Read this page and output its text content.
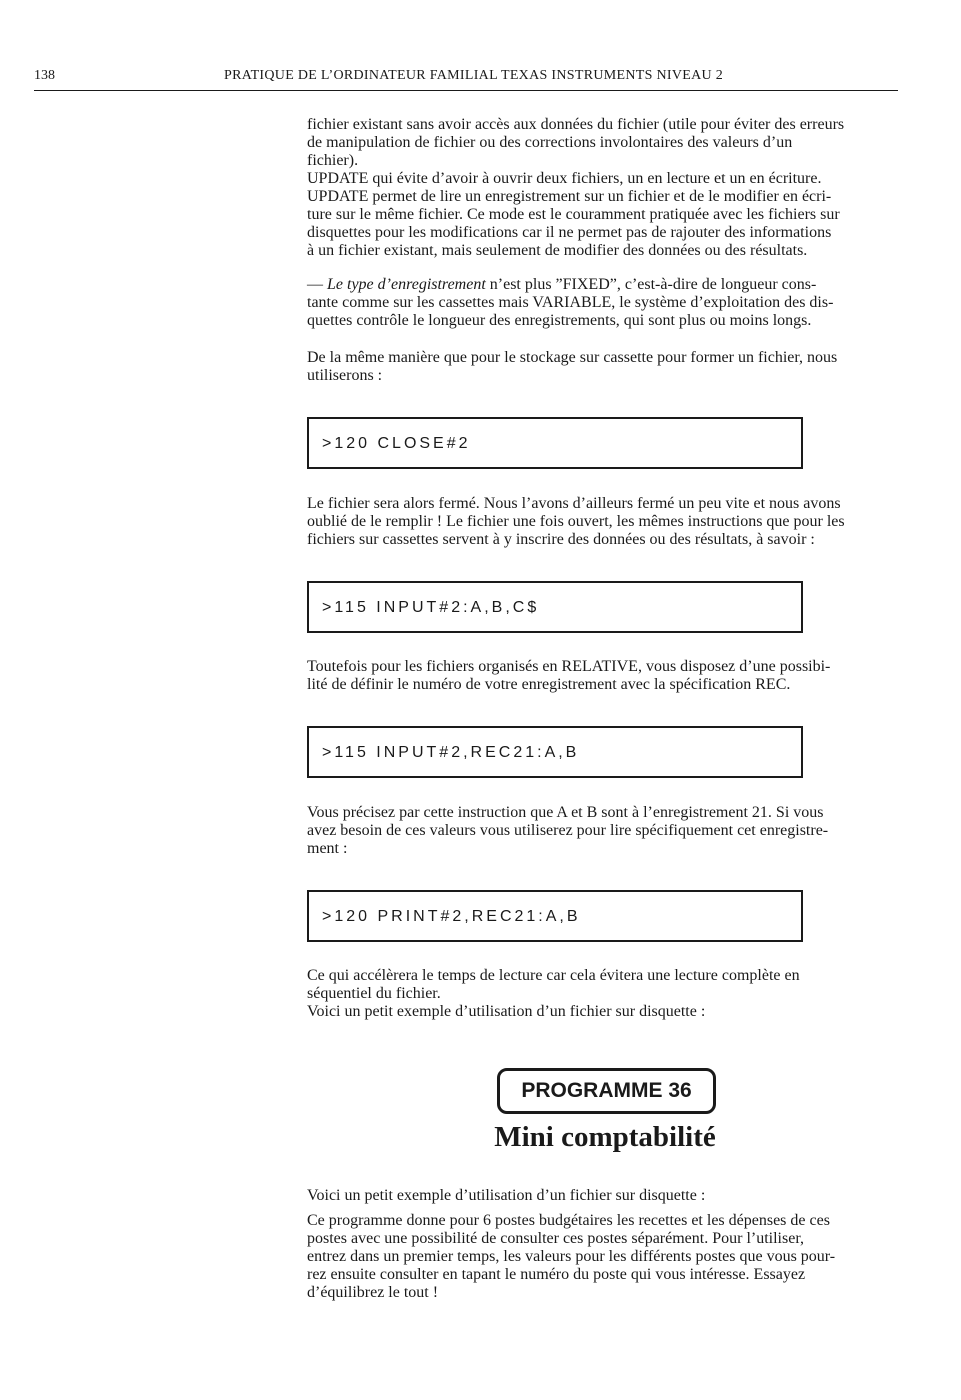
138	PRATIQUE DE L’ORDINATEUR FAMILIAL TEXAS INSTRUMENTS NIVEAU 2

fichier existant sans avoir accès aux données du fichier (utile pour éviter des erreurs
de manipulation de fichier ou des corrections involontaires des valeurs d’un
fichier).
UPDATE qui évite d’avoir à ouvrir deux fichiers, un en lecture et un en écriture.
UPDATE permet de lire un enregistrement sur un fichier et de le modifier en écri-
ture sur le même fichier. Ce mode est le couramment pratiquée avec les fichiers sur
disquettes pour les modifications car il ne permet pas de rajouter des informations
à un fichier existant, mais seulement de modifier des données ou des résultats.

— Le type d’enregistrement n’est plus ”FIXED”, c’est-à-dire de longueur cons-
tante comme sur les cassettes mais VARIABLE, le système d’exploitation des dis-
quettes contrôle le longueur des enregistrements, qui sont plus ou moins longs.

De la même manière que pour le stockage sur cassette pour former un fichier, nous
utiliserons :

>120 CLOSE#2

Le fichier sera alors fermé. Nous l’avons d’ailleurs fermé un peu vite et nous avons
oublié de le remplir ! Le fichier une fois ouvert, les mêmes instructions que pour les
fichiers sur cassettes servent à y inscrire des données ou des résultats, à savoir :

>115 INPUT#2:A,B,C$

Toutefois pour les fichiers organisés en RELATIVE, vous disposez d’une possibi-
lité de définir le numéro de votre enregistrement avec la spécification REC.

>115 INPUT#2,REC21:A,B

Vous précisez par cette instruction que A et B sont à l’enregistrement 21. Si vous
avez besoin de ces valeurs vous utiliserez pour lire spécifiquement cet enregistre-
ment :

>120 PRINT#2,REC21:A,B

Ce qui accélèrera le temps de lecture car cela évitera une lecture complète en
séquentiel du fichier.
Voici un petit exemple d’utilisation d’un fichier sur disquette :

PROGRAMME 36
Mini comptabilité

Voici un petit exemple d’utilisation d’un fichier sur disquette :

Ce programme donne pour 6 postes budgétaires les recettes et les dépenses de ces
postes avec une possibilité de consulter ces postes séparément. Pour l’utiliser,
entrez dans un premier temps, les valeurs pour les différents postes que vous pour-
rez ensuite consulter en tapant le numéro du poste qui vous intéresse. Essayez
d’équilibrez le tout !
